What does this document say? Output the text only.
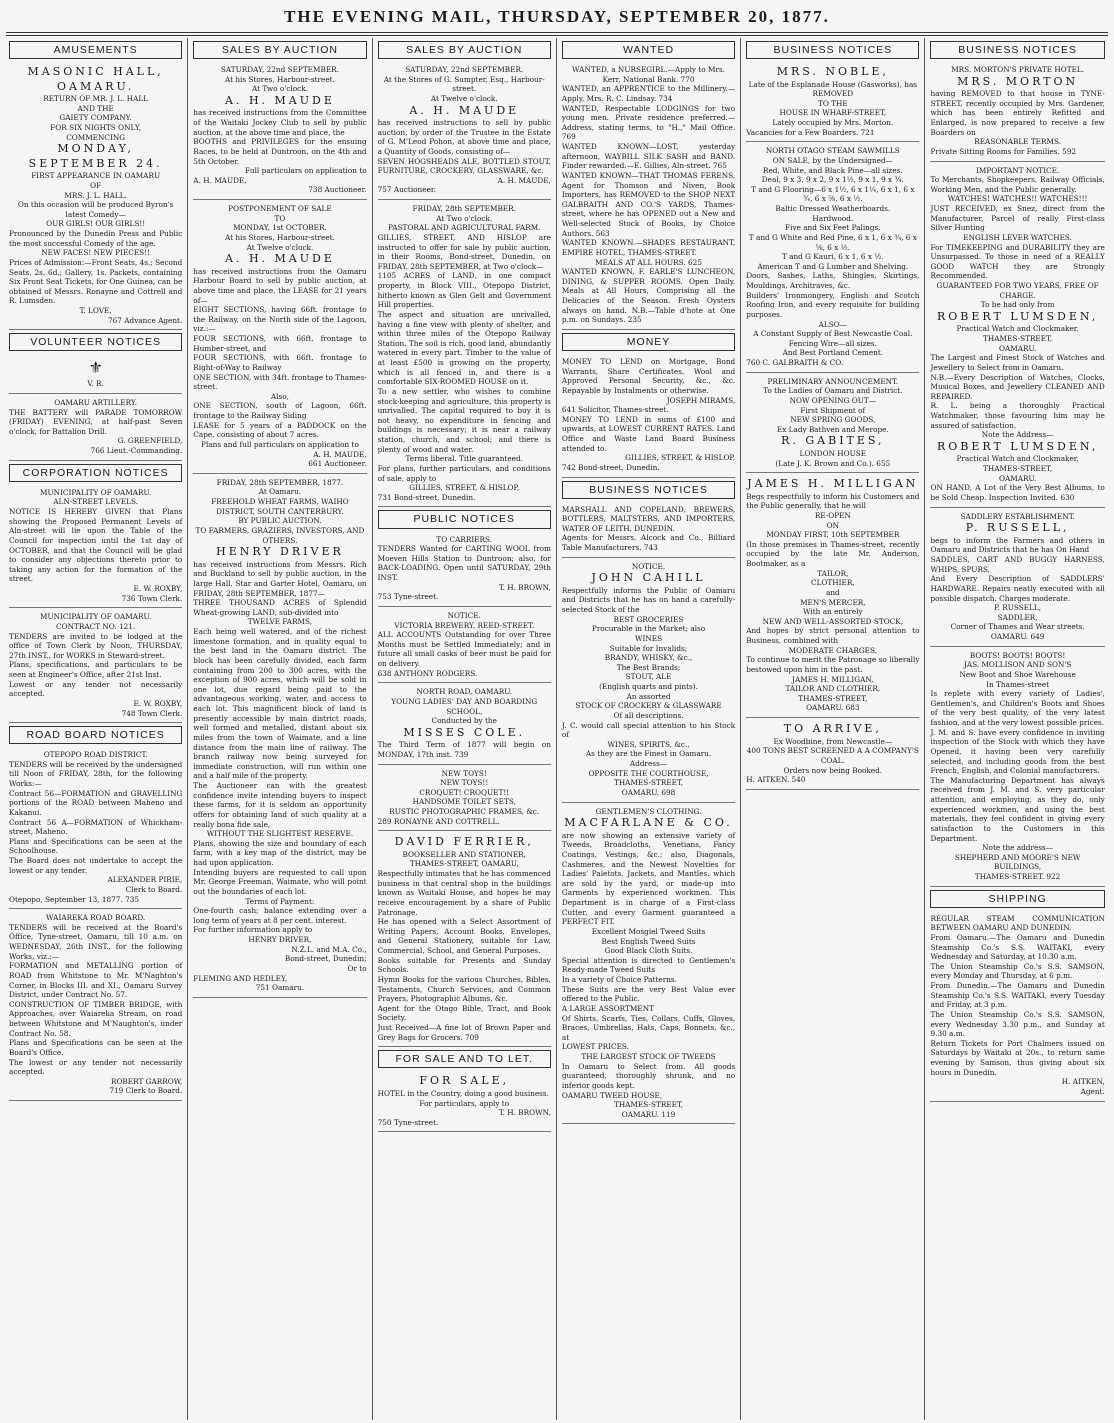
THE EVENING MAIL, THURSDAY, SEPTEMBER 20, 1877.
AMUSEMENTS

MASONIC HALL, OAMARU.

RETURN OF MR. J. L. HALL

AND THE

GAIETY COMPANY.

FOR SIX NIGHTS ONLY,

COMMENCING

MONDAY, SEPTEMBER 24.

FIRST APPEARANCE IN OAMARU

OF

MRS. J. L. HALL.

On this occasion will be produced Byron's latest Comedy—

OUR GIRLS! OUR GIRLS!!

Pronounced by the Dunedin Press and Public the most successful Comedy of the age.

NEW FACES! NEW PIECES!!

Prices of Admission:—Front Seats, 4s.; Second Seats, 2s. 6d.; Gallery, 1s. Packets, containing Six Front Seat Tickets, for One Guinea, can be obtained of Messrs. Ronayne and Cottrell and R. Lumsden.

T. LOVE,

767 Advance Agent.

VOLUNTEER NOTICES
⚜

V. R.

OAMARU ARTILLERY.

THE BATTERY will PARADE TOMORROW (FRIDAY) EVENING, at half-past Seven o'clock, for Battalion Drill.

G. GREENFIELD,

766 Lieut.-Commanding.

CORPORATION NOTICES

MUNICIPALITY OF OAMARU.

ALN-STREET LEVELS.

NOTICE IS HEREBY GIVEN that Plans showing the Proposed Permanent Levels of Aln-street will lie upon the Table of the Council for inspection until the 1st day of OCTOBER, and that the Council will be glad to consider any objections thereto prior to taking any action for the formation of the street.

E. W. ROXBY,

736 Town Clerk.

MUNICIPALITY OF OAMARU.

CONTRACT NO. 121.

TENDERS are invited to be lodged at the office of Town Clerk by Noon, THURSDAY, 27th INST., for WORKS in Steward-street.

Plans, specifications, and particulars to be seen at Engineer's Office, after 21st Inst.

Lowest or any tender not necessarily accepted.

E. W. ROXBY,

748 Town Clerk.

ROAD BOARD NOTICES

OTEPOPO ROAD DISTRICT.

TENDERS will be received by the undersigned till Noon of FRIDAY, 28th, for the following Works:—

Contract 56—FORMATION and GRAVELLING portions of the ROAD between Maheno and Kakanui.

Contract 56 A—FORMATION of Whickham-street, Maheno.

Plans and Specifications can be seen at the Schoolhouse.

The Board does not undertake to accept the lowest or any tender.

ALEXANDER PIRIE,

Clerk to Board.

Otepopo, September 13, 1877. 735

WAIAREKA ROAD BOARD.

TENDERS will be received at the Board's Office, Tyne-street, Oamaru, till 10 a.m. on WEDNESDAY, 26th INST., for the following Works, viz.:—

FORMATION and METALLING portion of ROAD from Whitstone to Mr. M'Naghton's Corner, in Blocks III. and XI., Oamaru Survey District, under Contract No. 57.

CONSTRUCTION OF TIMBER BRIDGE, with Approaches, over Waiareka Stream, on road between Whitstone and M'Naughton's, under Contract No. 58.

Plans and Specifications can be seen at the Board's Office.

The lowest or any tender not necessarily accepted.

ROBERT GARROW,

719 Clerk to Board.

SALES BY AUCTION

SATURDAY, 22nd SEPTEMBER.

At his Stores, Harbour-street.

At Two o'clock.

A. H. MAUDE

has received instructions from the Committee of the Waitaki Jockey Club to sell by public auction, at the above time and place, the

BOOTHS and PRIVILEGES for the ensuing Races, to be held at Duntroon, on the 4th and 5th October.

Full particulars on application to

A. H. MAUDE,

738 Auctioneer.

POSTPONEMENT OF SALE

TO

MONDAY, 1st OCTOBER.

At his Stores, Harbour-street.

At Twelve o'clock.

A. H. MAUDE

has received instructions from the Oamaru Harbour Board to sell by public auction, at above time and place, the LEASE for 21 years of—

EIGHT SECTIONS, having 66ft. frontage to the Railway, on the North side of the Lagoon, viz.:—

FOUR SECTIONS, with 66ft. frontage to Humber-street, and

FOUR SECTIONS, with 66ft. frontage to Right-of-Way to Railway

ONE SECTION, with 34ft. frontage to Thames-street.

Also,

ONE SECTION, south of Lagoon, 66ft. frontage to the Railway Siding

LEASE for 5 years of a PADDOCK on the Cape, consisting of about 7 acres.

Plans and full particulars on application to

A. H. MAUDE,

661 Auctioneer.

FRIDAY, 28th SEPTEMBER, 1877.

At Oamaru.

FREEHOLD WHEAT FARMS, WAIHO DISTRICT, SOUTH CANTERBURY.

BY PUBLIC AUCTION.

TO FARMERS, GRAZIERS, INVESTORS, AND OTHERS.

HENRY DRIVER

has received instructions from Messrs. Rich and Buckland to sell by public auction, in the large Hall, Star and Garter Hotel, Oamaru, on FRIDAY, 28th SEPTEMBER, 1877—

THREE THOUSAND ACRES of Splendid Wheat-growing LAND, sub-divided into

TWELVE FARMS,

Each being well watered, and of the richest limestone formation, and in quality equal to the best land in the Oamaru district. The block has been carefully divided, each farm containing from 200 to 300 acres, with the exception of 900 acres, which will be sold in one lot, due regard being paid to the advantageous working, water, and access to each lot. This magnificent block of land is presently accessible by main district roads, well formed and metalled, distant about six miles from the town of Waimate, and a line distance from the main line of railway. The branch railway now being surveyed for immediate construction, will run within one and a half mile of the property.

The Auctioneer can with the greatest confidence invite intending buyers to inspect these farms, for it is seldom an opportunity offers for obtaining land of such quality at a really bona fide sale,

WITHOUT THE SLIGHTEST RESERVE.

Plans, showing the size and boundary of each farm, with a key map of the district, may be had upon application.

Intending buyers are requested to call upon Mr. George Freeman, Waimate, who will point out the boundaries of each lot.

Terms of Payment:

One-fourth cash; balance extending over a long term of years at 8 per cent. interest.

For further information apply to

HENRY DRIVER,

N.Z.L. and M.A. Co.,

Bond-street, Dunedin;

Or to

FLEMING AND HEDLEY,

751 Oamaru.

SALES BY AUCTION

SATURDAY, 22nd SEPTEMBER.

At the Stores of G. Sumpter, Esq., Harbour-street.

At Twelve o'clock.

A. H. MAUDE

has received instructions to sell by public auction, by order of the Trustee in the Estate of G. M'Leod Pohon, at above time and place, a Quantity of Goods, consisting of—

SEVEN HOGSHEADS ALE, BOTTLED STOUT, FURNITURE, CROCKERY, GLASSWARE, &c.

A. H. MAUDE,

757 Auctioneer.

FRIDAY, 28th SEPTEMBER.

At Two o'clock.

PASTORAL AND AGRICULTURAL FARM.

GILLIES, STREET, AND HISLOP are instructed to offer for sale by public auction, in their Rooms, Bond-street, Dunedin, on FRIDAY, 28th SEPTEMBER, at Two o'clock—

1105 ACRES of LAND, in one compact property, in Block VIII., Otepopo District, hitherto known as Glen Gelt and Government Hill properties.

The aspect and situation are unrivalled, having a fine view with plenty of shelter, and within three miles of the Otepopo Railway Station. The soil is rich, good land, abundantly watered in every part. Timber to the value of at least £500 is growing on the property, which is all fenced in, and there is a comfortable SIX-ROOMED HOUSE on it.

To a new settler, who wishes to combine stock-keeping and agriculture, this property is unrivalled. The capital required to buy it is not heavy, no expenditure in fencing and buildings is necessary; it is near a railway station, church, and school; and there is plenty of wood and water.

Terms liberal. Title guaranteed.

For plans, further particulars, and conditions of sale, apply to

GILLIES, STREET, & HISLOP,

731 Bond-street, Dunedin.

PUBLIC NOTICES

TO CARRIERS.

TENDERS Wanted for CARTING WOOL from Moeven Hills Station to Duntroon; also, for BACK-LOADING. Open until SATURDAY, 29th INST.

T. H. BROWN,

753 Tyne-street.

NOTICE.

VICTORIA BREWERY, REED-STREET.

ALL ACCOUNTS Outstanding for over Three Months must be Settled Immediately; and in future all small casks of beer must be paid for on delivery.

638 ANTHONY RODGERS.

NORTH ROAD, OAMARU.

YOUNG LADIES' DAY AND BOARDING SCHOOL,

Conducted by the

MISSES COLE.

The Third Term of 1877 will begin on MONDAY, 17th inst. 739

NEW TOYS!

NEW TOYS!!

CROQUET! CROQUET!!

HANDSOME TOILET SETS,

RUSTIC PHOTOGRAPHIC FRAMES, &c.

289 RONAYNE AND COTTRELL.

DAVID FERRIER,

BOOKSELLER AND STATIONER,

THAMES-STREET, OAMARU,

Respectfully intimates that he has commenced business in that central shop in the buildings known as Waitaki House, and hopes he may receive encouragement by a share of Public Patronage.

He has opened with a Select Assortment of Writing Papers, Account Books, Envelopes, and General Stationery, suitable for Law, Commercial, School, and General Purposes.

Books suitable for Presents and Sunday Schools.

Hymn Books for the various Churches, Bibles, Testaments, Church Services, and Common Prayers, Photographic Albums, &c.

Agent for the Otago Bible, Tract, and Book Society.

Just Received—A fine lot of Brown Paper and Grey Bags for Grocers. 709

FOR SALE AND TO LET.

FOR SALE,

HOTEL in the Country, doing a good business.

For particulars, apply to

T. H. BROWN,

750 Tyne-street.

WANTED

WANTED, a NURSEGIRL.—Apply to Mrs. Kerr, National Bank. 770

WANTED, an APPRENTICE to the Millinery.—Apply, Mrs. R. C. Lindsay. 734

WANTED, Respectable LODGINGS for two young men. Private residence preferred.—Address, stating terms, to "H.," Mail Office. 769

WANTED KNOWN—LOST, yesterday afternoon, WAYBILL SILK SASH and BAND. Finder rewarded.—E. Gillies, Aln-street. 765

WANTED KNOWN—THAT THOMAS FERENS, Agent for Thomson and Niven, Book Importers, has REMOVED to the SHOP NEXT GALBRAITH AND CO.'S YARDS, Thames-street, where he has OPENED out a New and Well-selected Stock of Books, by Choice Authors. 563

WANTED KNOWN.—SHADES RESTAURANT, EMPIRE HOTEL, THAMES-STREET.

MEALS AT ALL HOURS. 625

WANTED KNOWN, F. EARLE'S LUNCHEON, DINING, & SUPPER ROOMS. Open Daily. Meals at All Hours, Comprising all the Delicacies of the Season. Fresh Oysters always on hand. N.B.—Table d'hote at One p.m. on Sundays. 235

MONEY

MONEY TO LEND on Mortgage, Bond Warrants, Share Certificates, Wool and Approved Personal Security, &c., &c. Repayable by Instalments or otherwise.

JOSEPH MIRAMS,

641 Solicitor, Thames-street.

MONEY TO LEND in sums of £100 and upwards, at LOWEST CURRENT RATES. Land Office and Waste Land Board Business attended to.

GILLIES, STREET, & HISLOP,

742 Bond-street, Dunedin.

BUSINESS NOTICES

MARSHALL AND COPELAND, BREWERS, BOTTLERS, MALTSTERS, AND IMPORTERS, WATER OF LEITH, DUNEDIN.

Agents for Messrs. Alcock and Co., Billiard Table Manufacturers. 743

NOTICE.

JOHN CAHILL

Respectfully informs the Public of Oamaru and Districts that he has on hand a carefully-selected Stock of the

BEST GROCERIES

Procurable in the Market; also

WINES

Suitable for Invalids;

BRANDY, WHISKY, &c.,

The Best Brands;

STOUT, ALE

(English quarts and pints).

An assorted

STOCK OF CROCKERY & GLASSWARE

Of all descriptions.

J. C. would call special attention to his Stock of

WINES, SPIRITS, &c.,

As they are the Finest in Oamaru.

Address—

OPPOSITE THE COURTHOUSE,

THAMES-STREET,

OAMARU. 698

GENTLEMEN'S CLOTHING.

MACFARLANE & CO.

are now showing an extensive variety of Tweeds, Broadcloths, Venetians, Fancy Coatings, Vestings, &c.; also, Diagonals, Cashmeres, and the Newest Novelties for Ladies' Paletots, Jackets, and Mantles, which are sold by the yard, or made-up into Garments by experienced workmen. This Department is in charge of a First-class Cutter, and every Garment guaranteed a PERFECT FIT.

Excellent Mosgiel Tweed Suits

Best English Tweed Suits

Good Black Cloth Suits.

Special attention is directed to Gentlemen's Ready-made Tweed Suits

In a variety of Choice Patterns.

These Suits are the very Best Value ever offered to the Public.

A LARGE ASSORTMENT

Of Shirts, Scarfs, Ties, Collars, Cuffs, Gloves, Braces, Umbrellas, Hats, Caps, Bonnets, &c., at

LOWEST PRICES.

THE LARGEST STOCK OF TWEEDS

In Oamaru to Select from. All goods guaranteed, thoroughly shrunk, and no inferior goods kept.

OAMARU TWEED HOUSE,

THAMES-STREET,

OAMARU. 119

BUSINESS NOTICES

MRS. NOBLE,

Late of the Esplanade House (Gasworks), has

REMOVED

TO THE

HOUSE IN WHARF-STREET,

Lately occupied by Mrs. Morton.

Vacancies for a Few Boarders. 721

NORTH OTAGO STEAM SAWMILLS

ON SALE, by the Undersigned—

Red, White, and Black Pine—all sizes.

Deal, 9 x 3, 9 x 2, 9 x 1½, 9 x 1, 9 x ¾.

T and G Flooring—6 x 1½, 6 x 1¼, 6 x 1, 6 x ¾, 6 x ⅝, 6 x ½.

Baltic Dressed Weatherboards.

Hardwood.

Five and Six Feet Palings.

T and G White and Red Pine, 6 x 1, 6 x ¾, 6 x ⅝, 6 x ½.

T and G Kauri, 6 x 1, 6 x ½.

American T and G Lumber and Shelving.

Doors, Sashes, Laths, Shingles, Skirtings, Mouldings, Architraves, &c.

Builders' Ironmongery, English and Scotch Roofing Iron, and every requisite for building purposes.

ALSO—

A Constant Supply of Best Newcastle Coal.

Fencing Wire—all sizes.

And Best Portland Cement.

760 C. GALBRAITH & CO.

PRELIMINARY ANNOUNCEMENT.

To the Ladies of Oamaru and District.

NOW OPENING OUT—

First Shipment of

NEW SPRING GOODS,

Ex Lady Bathven and Merope.

R. GABITES,

LONDON HOUSE

(Late J. K. Brown and Co.). 655

JAMES H. MILLIGAN

Begs respectfully to inform his Customers and the Public generally, that he will

RE-OPEN

ON

MONDAY FIRST, 10th SEPTEMBER

(In those premises in Thames-street, recently occupied by the late Mr. Anderson, Bootmaker, as a

TAILOR,

CLOTHIER,

and

MEN'S MERCER,

With an entirely

NEW AND WELL-ASSORTED STOCK,

And hopes by strict personal attention to Business, combined with

MODERATE CHARGES,

To continue to merit the Patronage so liberally bestowed upon him in the past.

JAMES H. MILLIGAN,

TAILOR AND CLOTHIER,

THAMES-STREET,

OAMARU. 683

TO ARRIVE,

Ex Woodbine, from Newcastle—

400 TONS BEST SCREENED A A COMPANY'S COAL.

Orders now being Booked.

H. AITKEN. 540

BUSINESS NOTICES

MRS. MORTON'S PRIVATE HOTEL.

MRS. MORTON

having REMOVED to that house in TYNE-STREET, recently occupied by Mrs. Gardener, which has been entirely Refitted and Enlarged, is now prepared to receive a few Boarders on

REASONABLE TERMS.

Private Sitting Rooms for Families. 592

IMPORTANT NOTICE.

To Merchants, Shopkeepers, Railway Officials, Working Men, and the Public generally.

WATCHES! WATCHES!! WATCHES!!!

JUST RECEIVED, ex Snez, direct from the Manufacturer, Parcel of really First-class Silver Hunting

ENGLISH LEVER WATCHES.

For TIMEKEEPING and DURABILITY they are Unsurpassed. To those in need of a REALLY GOOD WATCH they are Strongly Recommended.

GUARANTEED FOR TWO YEARS, FREE OF CHARGE.

To be had only from

ROBERT LUMSDEN,

Practical Watch and Clockmaker,

THAMES-STREET,

OAMARU.

The Largest and Finest Stock of Watches and Jewellery to Select from in Oamaru.

N.B.—Every Description of Watches, Clocks, Musical Boxes, and Jewellery CLEANED AND REPAIRED.

R. L. being a thoroughly Practical Watchmaker, those favouring him may be assured of satisfaction.

Note the Address—

ROBERT LUMSDEN,

Practical Watch and Clockmaker,

THAMES-STREET,

OAMARU.

ON HAND, A Lot of the Very Best Albums, to be Sold Cheap. Inspection Invited. 630

SADDLERY ESTABLISHMENT.

P. RUSSELL,

begs to inform the Farmers and others in Oamaru and Districts that he has On Hand

SADDLES, CART AND BUGGY HARNESS, WHIPS, SPURS,

And Every Description of SADDLERS' HARDWARE. Repairs neatly executed with all possible dispatch. Charges moderate.

P. RUSSELL,

SADDLER,

Corner of Thames and Wear streets,

OAMARU. 649

BOOTS! BOOTS! BOOTS!

JAS. MOLLISON AND SON'S

New Boot and Shoe Warehouse

In Thames-street

Is replete with every variety of Ladies', Gentlemen's, and Children's Boots and Shoes of the very best quality, of the very latest fashion, and at the very lowest possible prices.

J. M. and S. have every confidence in inviting inspection of the Stock with which they have Opened, it having been very carefully selected, and including goods from the best French, English, and Colonial manufacturers.

The Manufacturing Department has always received from J. M. and S. very particular attention, and employing, as they do, only experienced workmen, and using the best materials, they feel confident in giving every satisfaction to the Customers in this Department.

Note the address—

SHEPHERD AND MOORE'S NEW BUILDINGS,

THAMES-STREET. 922

SHIPPING

REGULAR STEAM COMMUNICATION BETWEEN OAMARU AND DUNEDIN.

From Oamaru.—The Oamaru and Dunedin Steamship Co.'s S.S. WAITAKI, every Wednesday and Saturday, at 10.30 a.m.

The Union Steamship Co.'s S.S. SAMSON, every Monday and Thursday, at 6 p.m.

From Dunedin.—The Oamaru and Dunedin Steamship Co.'s S.S. WAITAKI, every Tuesday and Friday, at 3 p.m.

The Union Steamship Co.'s S.S. SAMSON, every Wednesday 3.30 p.m., and Sunday at 9.30 a.m.

Return Tickets for Port Chalmers issued on Saturdays by Waitaki at 20s., to return same evening by Samson, thus giving about six hours in Dunedin.

H. AITKEN,

Agent.
